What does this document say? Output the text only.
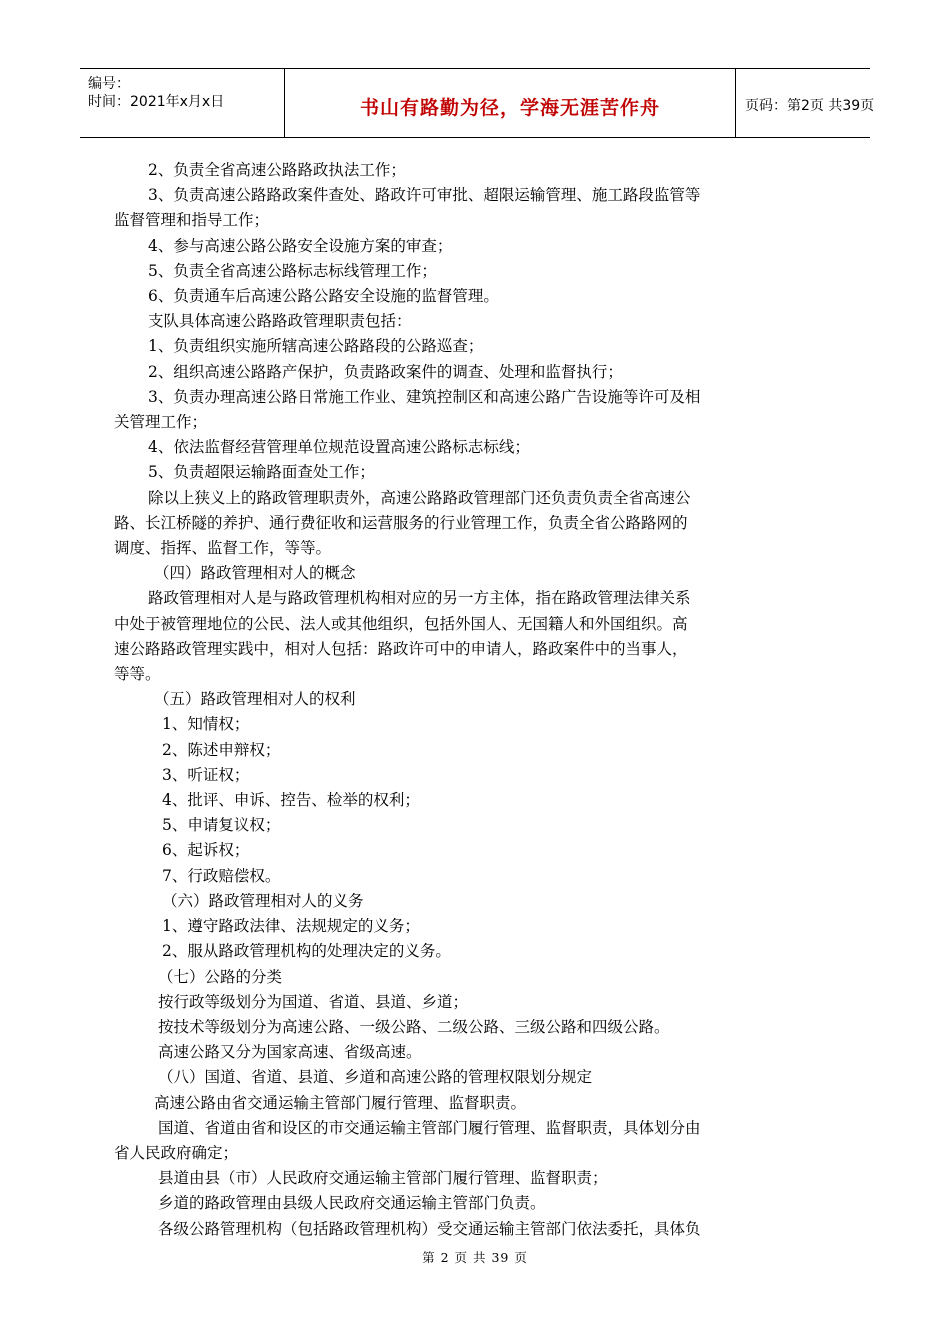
编号：
时间：2021年x月x日	书山有路勤为径，学海无涯苦作舟	页码：第2页 共39页

2、负责全省高速公路路政执法工作；

3、负责高速公路路政案件查处、路政许可审批、超限运输管理、施工路段监管等

监督管理和指导工作；

4、参与高速公路公路安全设施方案的审查；

5、负责全省高速公路标志标线管理工作；

6、负责通车后高速公路公路安全设施的监督管理。

支队具体高速公路路政管理职责包括：

1、负责组织实施所辖高速公路路段的公路巡查；

2、组织高速公路路产保护，负责路政案件的调查、处理和监督执行；

3、负责办理高速公路日常施工作业、建筑控制区和高速公路广告设施等许可及相

关管理工作；

4、依法监督经营管理单位规范设置高速公路标志标线；

5、负责超限运输路面查处工作；

除以上狭义上的路政管理职责外，高速公路路政管理部门还负责负责全省高速公

路、长江桥隧的养护、通行费征收和运营服务的行业管理工作，负责全省公路路网的

调度、指挥、监督工作，等等。

（四）路政管理相对人的概念

路政管理相对人是与路政管理机构相对应的另一方主体，指在路政管理法律关系

中处于被管理地位的公民、法人或其他组织，包括外国人、无国籍人和外国组织。高

速公路路政管理实践中，相对人包括：路政许可中的申请人，路政案件中的当事人，

等等。

（五）路政管理相对人的权利

1、知情权；

2、陈述申辩权；

3、听证权；

4、批评、申诉、控告、检举的权利；

5、申请复议权；

6、起诉权；

7、行政赔偿权。

（六）路政管理相对人的义务

1、遵守路政法律、法规规定的义务；

2、服从路政管理机构的处理决定的义务。

（七）公路的分类

按行政等级划分为国道、省道、县道、乡道；

按技术等级划分为高速公路、一级公路、二级公路、三级公路和四级公路。

高速公路又分为国家高速、省级高速。

（八）国道、省道、县道、乡道和高速公路的管理权限划分规定

高速公路由省交通运输主管部门履行管理、监督职责。

国道、省道由省和设区的市交通运输主管部门履行管理、监督职责，具体划分由

省人民政府确定；

县道由县（市）人民政府交通运输主管部门履行管理、监督职责；

乡道的路政管理由县级人民政府交通运输主管部门负责。

各级公路管理机构（包括路政管理机构）受交通运输主管部门依法委托，具体负

第 2 页 共 39 页
